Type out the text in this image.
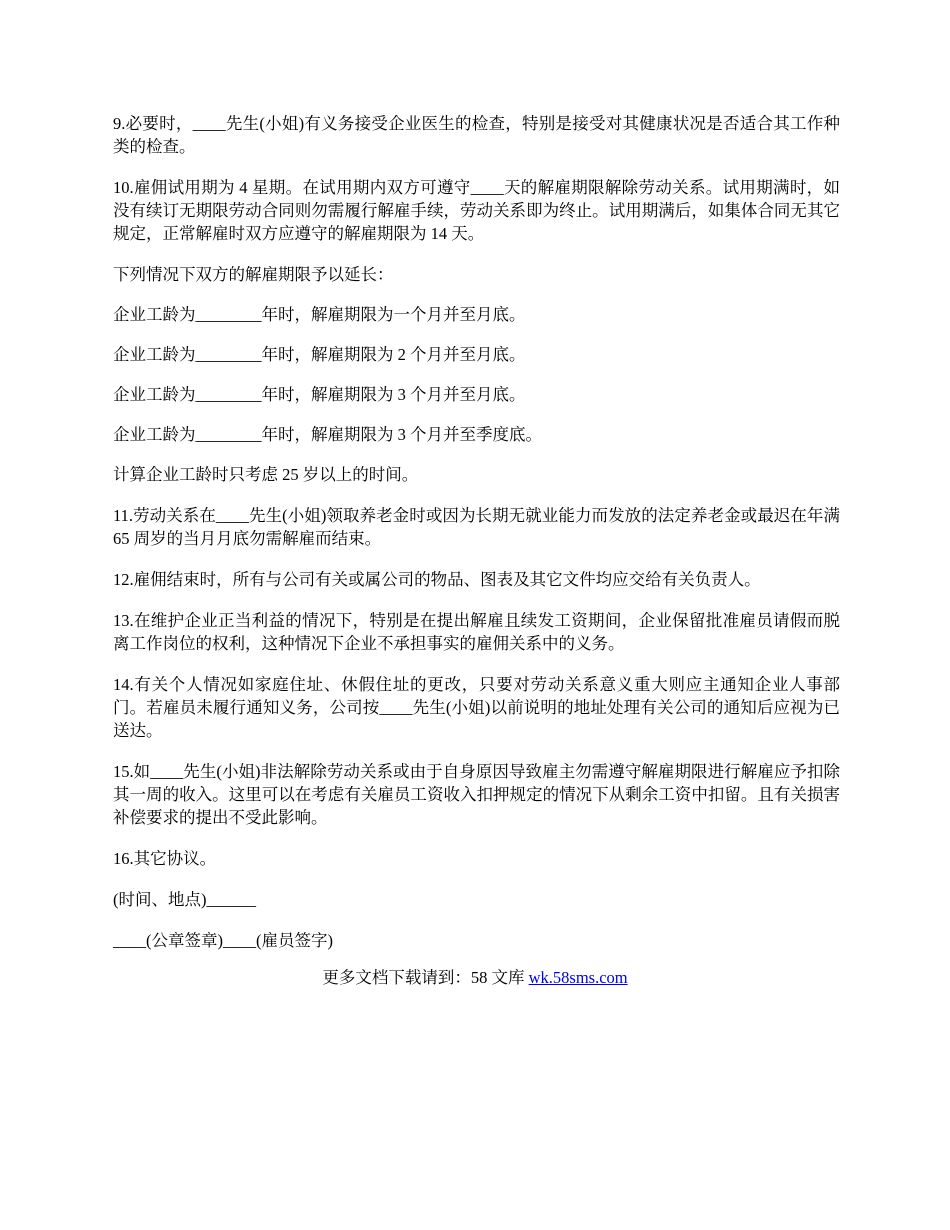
9.必要时，____先生(小姐)有义务接受企业医生的检查，特别是接受对其健康状况是否适合其工作种类的检查。

10.雇佣试用期为 4 星期。在试用期内双方可遵守____天的解雇期限解除劳动关系。试用期满时，如没有续订无期限劳动合同则勿需履行解雇手续，劳动关系即为终止。试用期满后，如集体合同无其它规定，正常解雇时双方应遵守的解雇期限为 14 天。

下列情况下双方的解雇期限予以延长：

企业工龄为________年时，解雇期限为一个月并至月底。

企业工龄为________年时，解雇期限为 2 个月并至月底。

企业工龄为________年时，解雇期限为 3 个月并至月底。

企业工龄为________年时，解雇期限为 3 个月并至季度底。

计算企业工龄时只考虑 25 岁以上的时间。

11.劳动关系在____先生(小姐)领取养老金时或因为长期无就业能力而发放的法定养老金或最迟在年满 65 周岁的当月月底勿需解雇而结束。

12.雇佣结束时，所有与公司有关或属公司的物品、图表及其它文件均应交给有关负责人。

13.在维护企业正当利益的情况下，特别是在提出解雇且续发工资期间，企业保留批准雇员请假而脱离工作岗位的权利，这种情况下企业不承担事实的雇佣关系中的义务。

14.有关个人情况如家庭住址、休假住址的更改，只要对劳动关系意义重大则应主通知企业人事部门。若雇员未履行通知义务，公司按____先生(小姐)以前说明的地址处理有关公司的通知后应视为已送达。

15.如____先生(小姐)非法解除劳动关系或由于自身原因导致雇主勿需遵守解雇期限进行解雇应予扣除其一周的收入。这里可以在考虑有关雇员工资收入扣押规定的情况下从剩余工资中扣留。且有关损害补偿要求的提出不受此影响。

16.其它协议。

(时间、地点)______

____(公章签章)____(雇员签字)

更多文档下载请到：58 文库 wk.58sms.com
